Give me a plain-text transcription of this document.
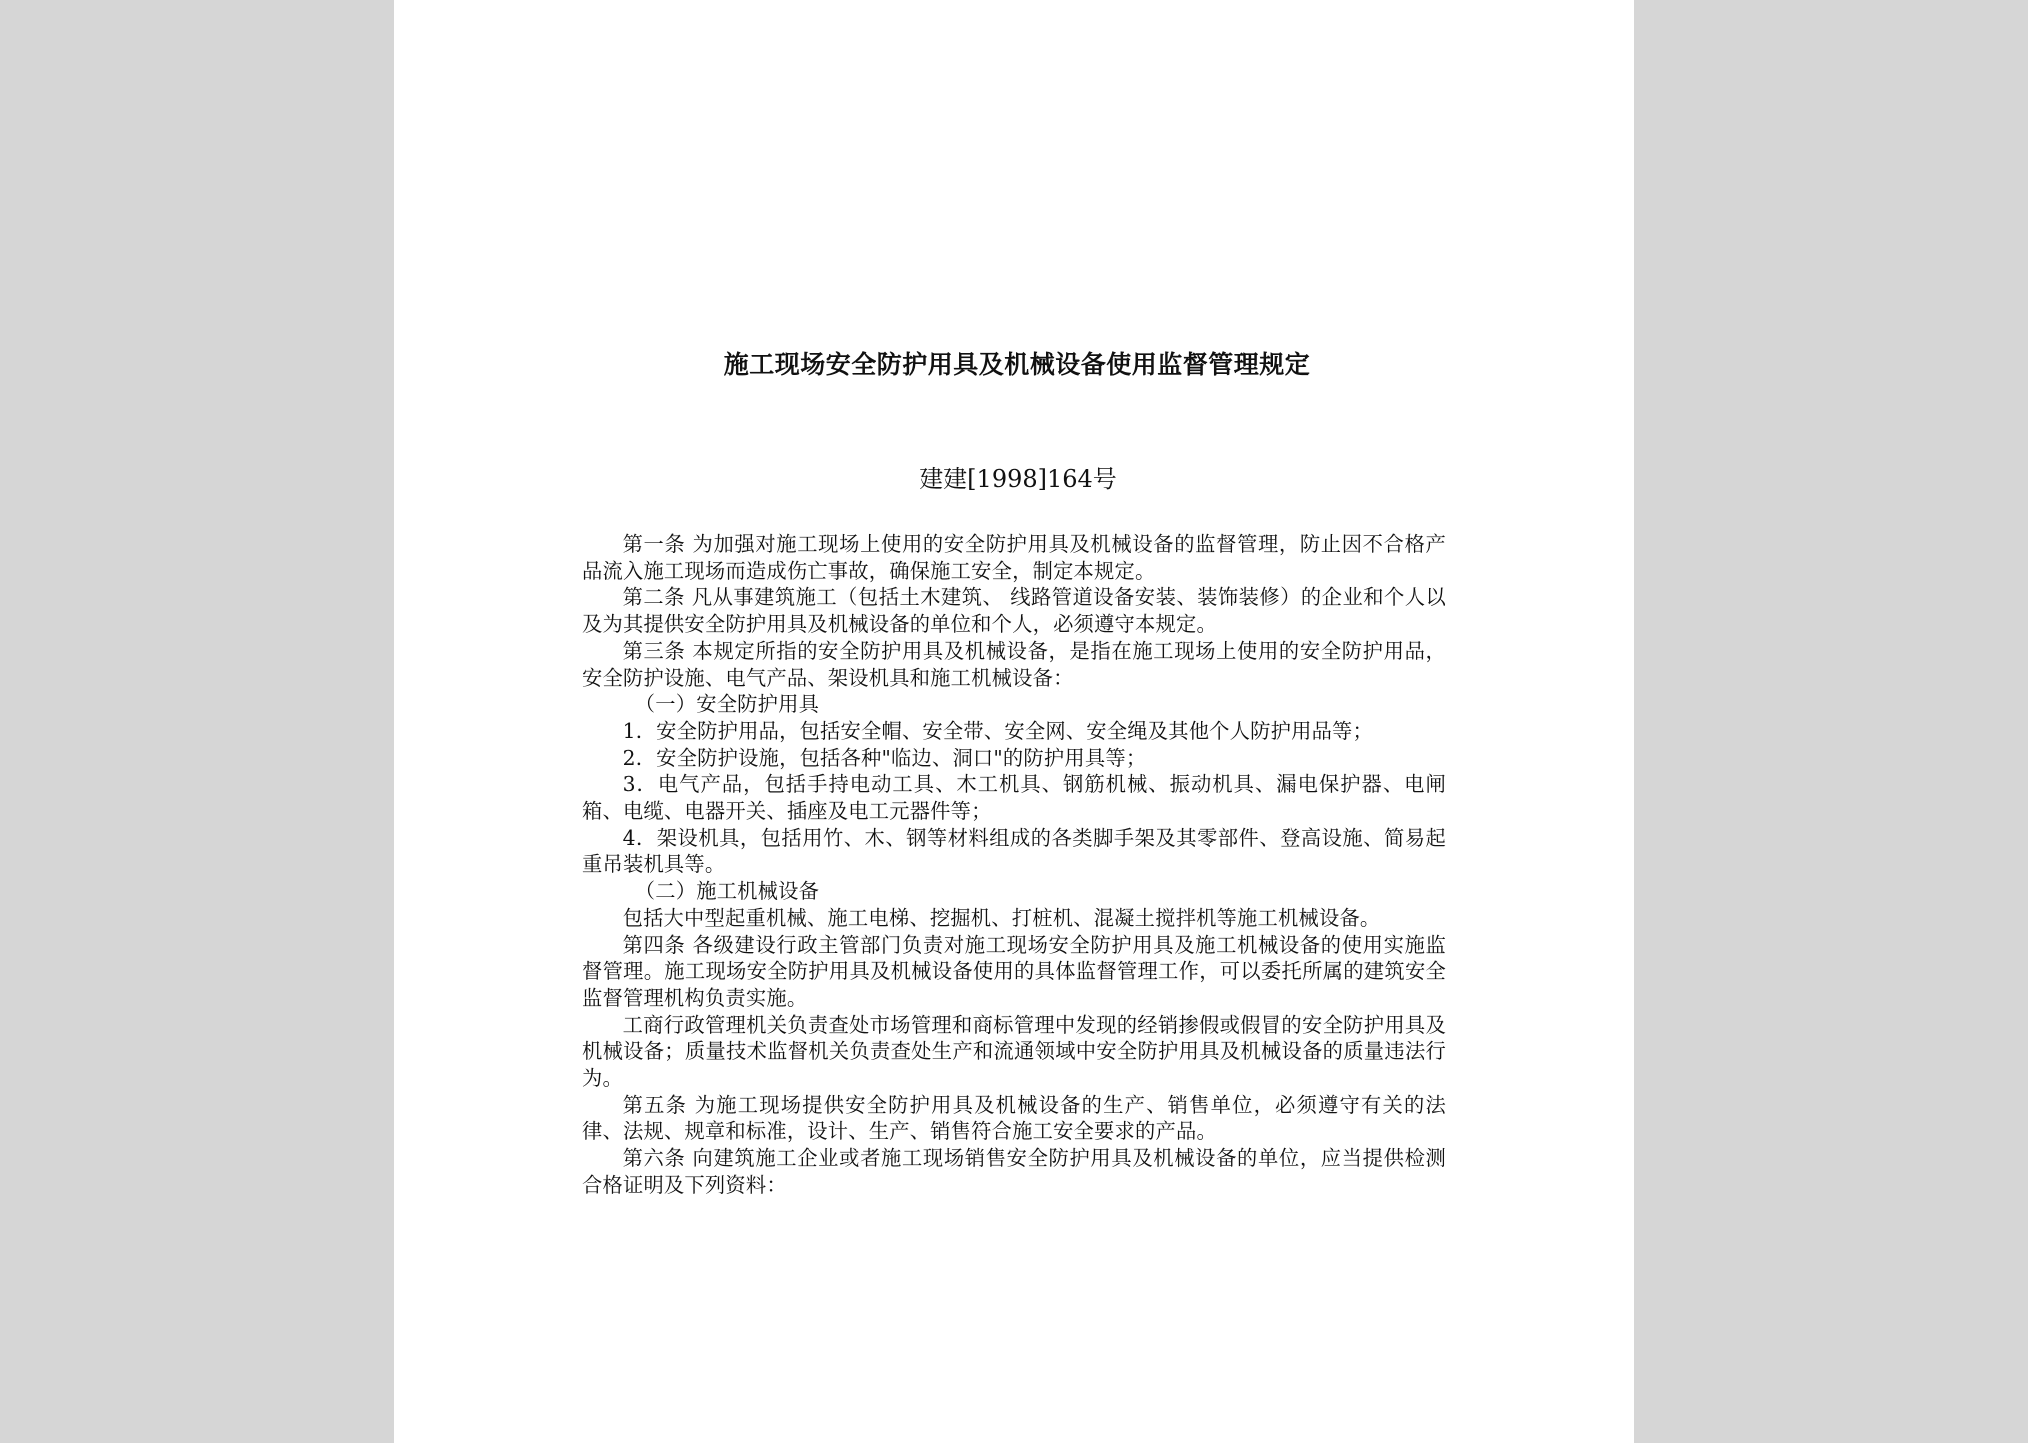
施工现场安全防护用具及机械设备使用监督管理规定
建建[1998]164号

第一条 为加强对施工现场上使用的安全防护用具及机械设备的监督管理，防止因不合格产品流入施工现场而造成伤亡事故，确保施工安全，制定本规定。

第二条 凡从事建筑施工（包括土木建筑、 线路管道设备安装、装饰装修）的企业和个人以及为其提供安全防护用具及机械设备的单位和个人，必须遵守本规定。

第三条 本规定所指的安全防护用具及机械设备，是指在施工现场上使用的安全防护用品，安全防护设施、电气产品、架设机具和施工机械设备：

（一）安全防护用具

1．安全防护用品，包括安全帽、安全带、安全网、安全绳及其他个人防护用品等；

2．安全防护设施，包括各种"临边、洞口"的防护用具等；

3．电气产品，包括手持电动工具、木工机具、钢筋机械、振动机具、漏电保护器、电闸箱、电缆、电器开关、插座及电工元器件等；

4．架设机具，包括用竹、木、钢等材料组成的各类脚手架及其零部件、登高设施、简易起重吊装机具等。

（二）施工机械设备

包括大中型起重机械、施工电梯、挖掘机、打桩机、混凝土搅拌机等施工机械设备。

第四条 各级建设行政主管部门负责对施工现场安全防护用具及施工机械设备的使用实施监督管理。施工现场安全防护用具及机械设备使用的具体监督管理工作，可以委托所属的建筑安全监督管理机构负责实施。

工商行政管理机关负责查处市场管理和商标管理中发现的经销掺假或假冒的安全防护用具及机械设备；质量技术监督机关负责查处生产和流通领域中安全防护用具及机械设备的质量违法行为。

第五条 为施工现场提供安全防护用具及机械设备的生产、销售单位，必须遵守有关的法律、法规、规章和标准，设计、生产、销售符合施工安全要求的产品。

第六条 向建筑施工企业或者施工现场销售安全防护用具及机械设备的单位，应当提供检测合格证明及下列资料：
